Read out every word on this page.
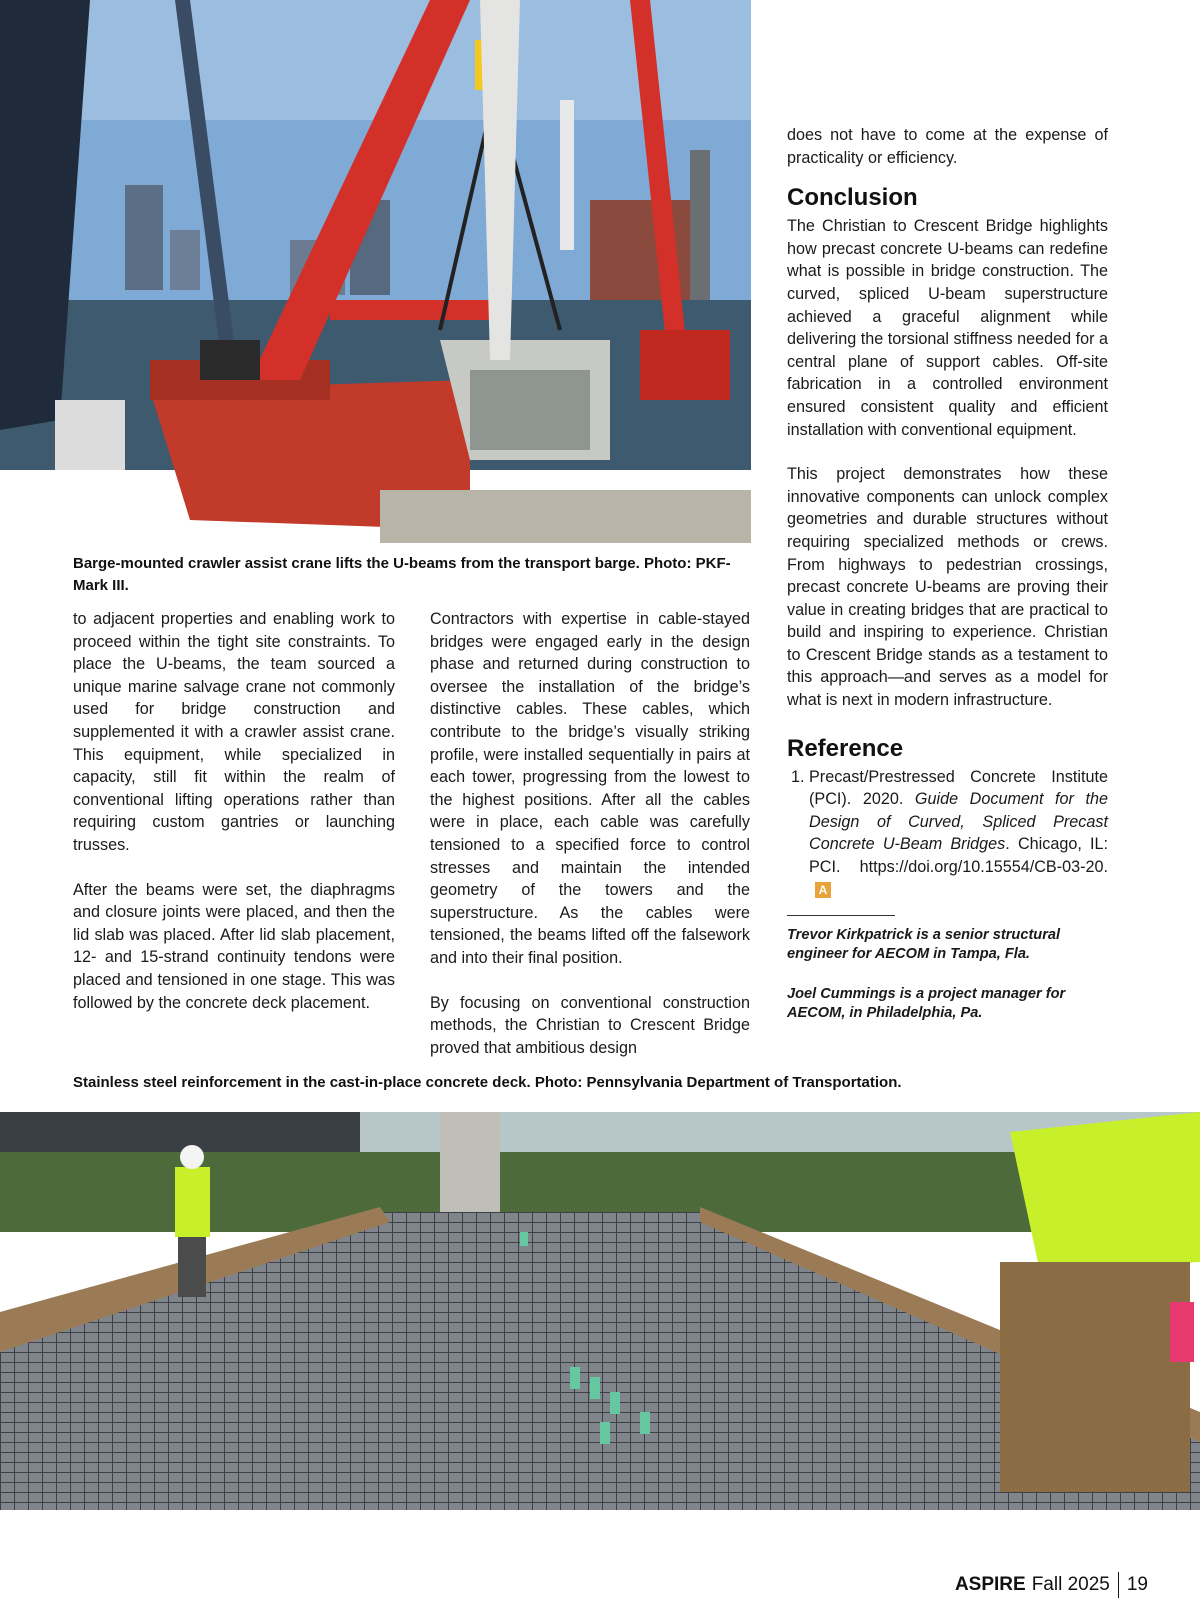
Barge-mounted crawler assist crane lifts the U-beams from the transport barge. Photo: PKF-Mark III.

to adjacent properties and enabling work to proceed within the tight site constraints. To place the U-beams, the team sourced a unique marine salvage crane not commonly used for bridge construction and supplemented it with a crawler assist crane. This equipment, while specialized in capacity, still fit within the realm of conventional lifting operations rather than requiring custom gantries or launching trusses.

After the beams were set, the diaphragms and closure joints were placed, and then the lid slab was placed. After lid slab placement, 12- and 15-strand continuity tendons were placed and tensioned in one stage. This was followed by the concrete deck placement.

Contractors with expertise in cable-stayed bridges were engaged early in the design phase and returned during construction to oversee the installation of the bridge’s distinctive cables. These cables, which contribute to the bridge’s visually striking profile, were installed sequentially in pairs at each tower, progressing from the lowest to the highest positions. After all the cables were in place, each cable was carefully tensioned to a specified force to control stresses and maintain the intended geometry of the towers and the superstructure. As the cables were tensioned, the beams lifted off the falsework and into their final position.

By focusing on conventional construction methods, the Christian to Crescent Bridge proved that ambitious design

does not have to come at the expense of practicality or efficiency.

Conclusion

The Christian to Crescent Bridge highlights how precast concrete U-beams can redefine what is possible in bridge construction. The curved, spliced U-beam superstructure achieved a graceful alignment while delivering the torsional stiffness needed for a central plane of support cables. Off-site fabrication in a controlled environment ensured consistent quality and efficient installation with conventional equipment.

This project demonstrates how these innovative components can unlock complex geometries and durable structures without requiring specialized methods or crews. From highways to pedestrian crossings, precast concrete U-beams are proving their value in creating bridges that are practical to build and inspiring to experience. Christian to Crescent Bridge stands as a testament to this approach—and serves as a model for what is next in modern infrastructure.

Reference
1. Precast/Prestressed Concrete Institute (PCI). 2020. Guide Document for the Design of Curved, Spliced Precast Concrete U-Beam Bridges. Chicago, IL: PCI. https://doi.org/10.15554/CB-03-20.A

Trevor Kirkpatrick is a senior structural engineer for AECOM in Tampa, Fla.

Joel Cummings is a project manager for AECOM, in Philadelphia, Pa.

Stainless steel reinforcement in the cast-in-place concrete deck. Photo: Pennsylvania Department of Transportation.
ASPIRE Fall 2025 19
